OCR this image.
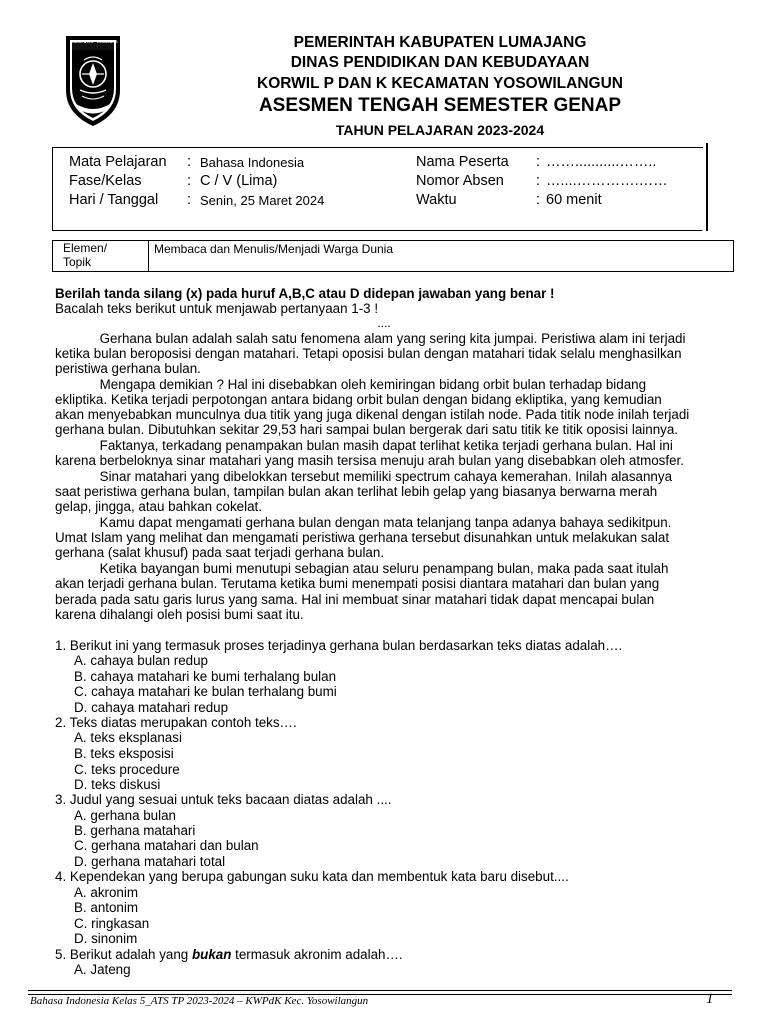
KABUPATEN LUMAJANG	PEMERINTAH KABUPATEN LUMAJANG
DINAS PENDIDIKAN DAN KEBUDAYAAN
KORWIL P DAN K KECAMATAN YOSOWILANGUN
ASESMEN TENGAH SEMESTER GENAP
TAHUN PELAJARAN 2023-2024
Mata Pelajaran : Bahasa Indonesia
Fase/Kelas	: C / V (Lima)
Hari / Tanggal : Senin, 25 Maret 2024
Nama Peserta : ……...........……..
Nomor Absen : …....………….……
Waktu	: 60 menit
Elemen/
Topik
Membaca dan Menulis/Menjadi Warga Dunia
Berilah tanda silang (x) pada huruf A,B,C atau D didepan jawaban yang benar !
Bacalah teks berikut untuk menjawab pertanyaan 1-3 !
....
Gerhana bulan adalah salah satu fenomena alam yang sering kita jumpai. Peristiwa alam ini terjadi
ketika bulan beroposisi dengan matahari. Tetapi oposisi bulan dengan matahari tidak selalu menghasilkan
peristiwa gerhana bulan.
Mengapa demikian ? Hal ini disebabkan oleh kemiringan bidang orbit bulan terhadap bidang
ekliptika. Ketika terjadi perpotongan antara bidang orbit bulan dengan bidang ekliptika, yang kemudian
akan menyebabkan munculnya dua titik yang juga dikenal dengan istilah node. Pada titik node inilah terjadi
gerhana bulan. Dibutuhkan sekitar 29,53 hari sampai bulan bergerak dari satu titik ke titik oposisi lainnya.
Faktanya, terkadang penampakan bulan masih dapat terlihat ketika terjadi gerhana bulan. Hal ini
karena berbeloknya sinar matahari yang masih tersisa menuju arah bulan yang disebabkan oleh atmosfer.
Sinar matahari yang dibelokkan tersebut memiliki spectrum cahaya kemerahan. Inilah alasannya
saat peristiwa gerhana bulan, tampilan bulan akan terlihat lebih gelap yang biasanya berwarna merah
gelap, jingga, atau bahkan cokelat.
Kamu dapat mengamati gerhana bulan dengan mata telanjang tanpa adanya bahaya sedikitpun.
Umat Islam yang melihat dan mengamati peristiwa gerhana tersebut disunahkan untuk melakukan salat
gerhana (salat khusuf) pada saat terjadi gerhana bulan.
Ketika bayangan bumi menutupi sebagian atau seluru penampang bulan, maka pada saat itulah
akan terjadi gerhana bulan. Terutama ketika bumi menempati posisi diantara matahari dan bulan yang
berada pada satu garis lurus yang sama. Hal ini membuat sinar matahari tidak dapat mencapai bulan
karena dihalangi oleh posisi bumi saat itu.
1. Berikut ini yang termasuk proses terjadinya gerhana bulan berdasarkan teks diatas adalah….
A. cahaya bulan redup
B. cahaya matahari ke bumi terhalang bulan
C. cahaya matahari ke bulan terhalang bumi
D. cahaya matahari redup
2. Teks diatas merupakan contoh teks….
A. teks eksplanasi
B. teks eksposisi
C. teks procedure
D. teks diskusi
3. Judul yang sesuai untuk teks bacaan diatas adalah ....
A. gerhana bulan
B. gerhana matahari
C. gerhana matahari dan bulan
D. gerhana matahari total
4. Kependekan yang berupa gabungan suku kata dan membentuk kata baru disebut....
A. akronim
B. antonim
C. ringkasan
D. sinonim
5. Berikut adalah yang bukan termasuk akronim adalah….
A. Jateng
Bahasa Indonesia Kelas 5_ATS TP 2023-2024 – KWPdK Kec. Yosowilangun	1
